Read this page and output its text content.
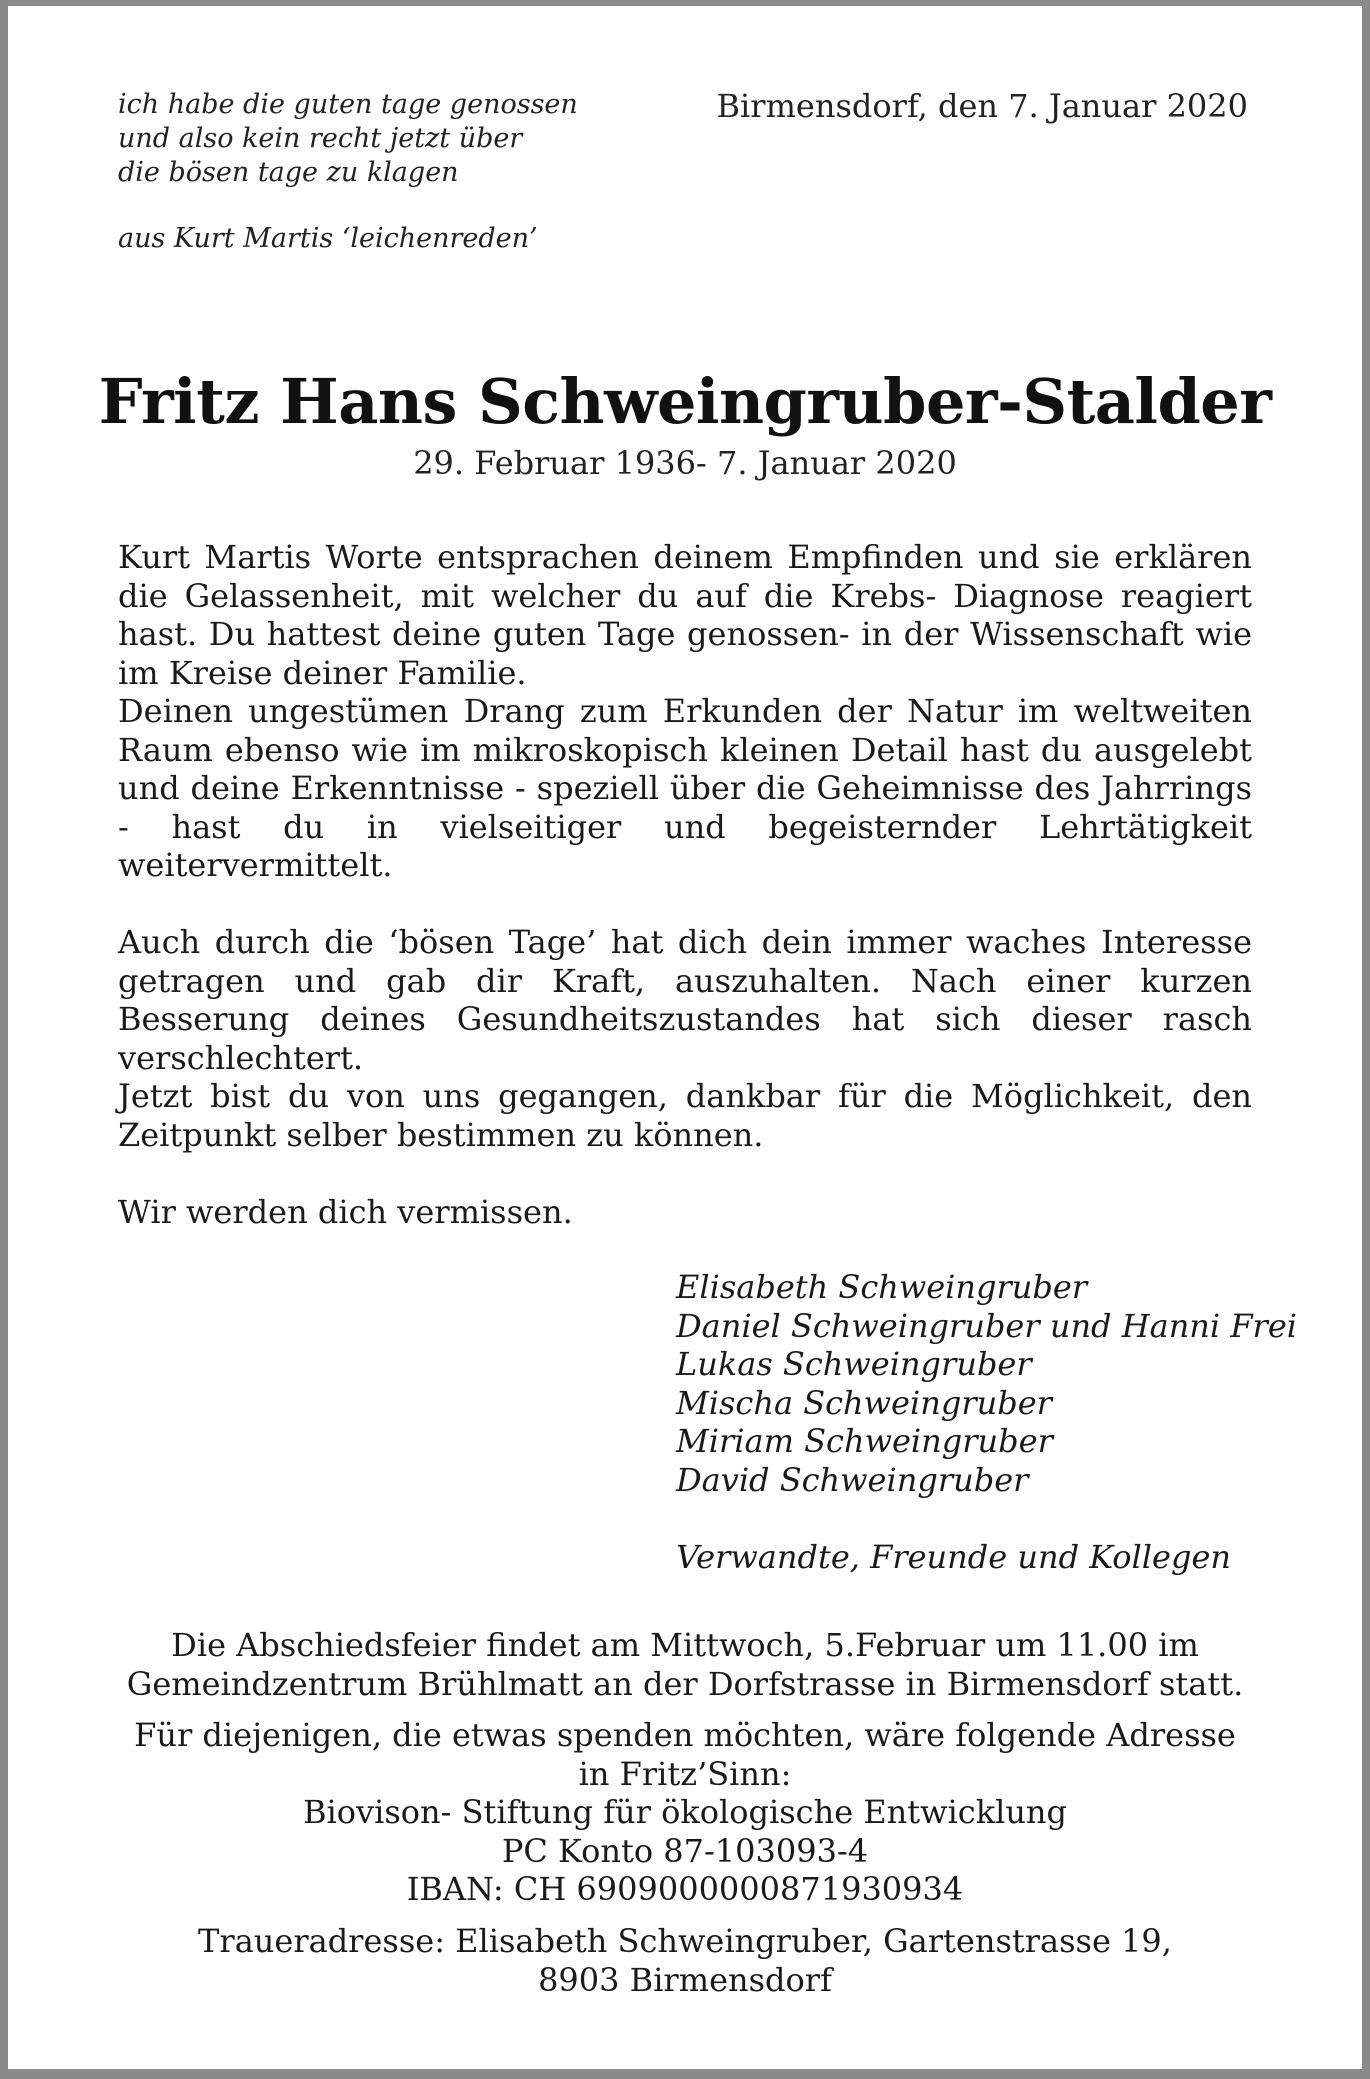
ich habe die guten tage genossen
und also kein recht jetzt über
die bösen tage zu klagen
aus Kurt Martis ‘leichenreden’
Birmensdorf, den 7. Januar 2020
Fritz Hans Schweingruber-Stalder
29. Februar 1936- 7. Januar 2020

Kurt Martis Worte entsprachen deinem Empfinden und sie erklären die Gelassenheit, mit welcher du auf die Krebs- Diagnose reagiert hast. Du hattest deine guten Tage genossen- in der Wissenschaft wie im Kreise deiner Familie.

Deinen ungestümen Drang zum Erkunden der Natur im weltweiten Raum ebenso wie im mikroskopisch kleinen Detail hast du ausgelebt und deine Erkenntnisse - speziell über die Geheimnisse des Jahrrings - hast du in vielseitiger und begeisternder Lehrtätigkeit weitervermittelt.

Auch durch die ‘bösen Tage’ hat dich dein immer waches Interesse getragen und gab dir Kraft, auszuhalten. Nach einer kurzen Besserung deines Gesundheitszustandes hat sich dieser rasch verschlechtert.

Jetzt bist du von uns gegangen, dankbar für die Möglichkeit, den Zeitpunkt selber bestimmen zu können.

Wir werden dich vermissen.

Elisabeth Schweingruber
Daniel Schweingruber und Hanni Frei
Lukas Schweingruber
Mischa Schweingruber
Miriam Schweingruber
David Schweingruber
Verwandte, Freunde und Kollegen
Die Abschiedsfeier findet am Mittwoch, 5.Februar um 11.00 im
Gemeindzentrum Brühlmatt an der Dorfstrasse in Birmensdorf statt.
Für diejenigen, die etwas spenden möchten, wäre folgende Adresse
in Fritz’Sinn:
Biovison- Stiftung für ökologische Entwicklung
PC Konto 87-103093-4
IBAN: CH 6909000000871930934
Traueradresse: Elisabeth Schweingruber, Gartenstrasse 19,
8903 Birmensdorf
